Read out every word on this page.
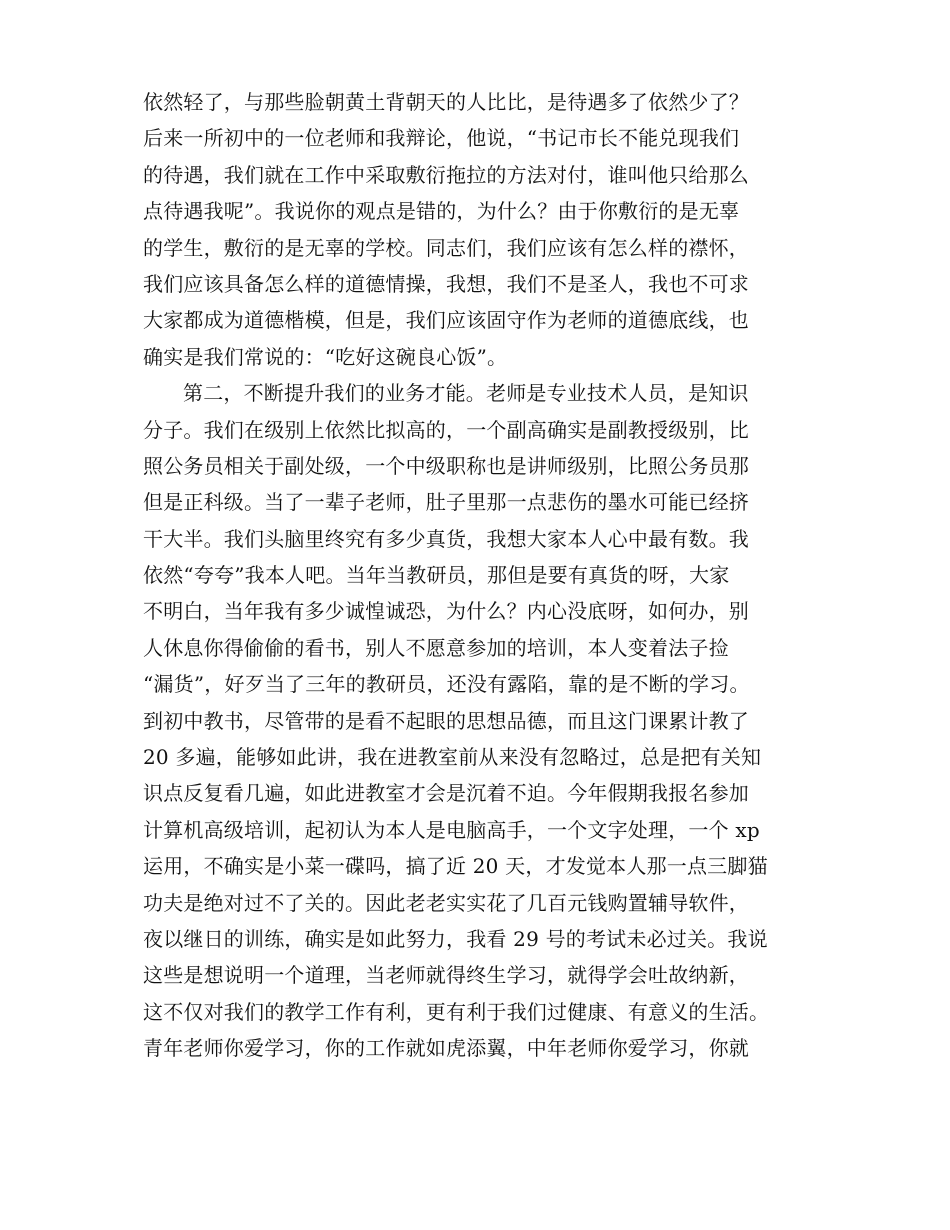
依然轻了，与那些脸朝黄土背朝天的人比比，是待遇多了依然少了？
后来一所初中的一位老师和我辩论，他说，“书记市长不能兑现我们
的待遇，我们就在工作中采取敷衍拖拉的方法对付，谁叫他只给那么
点待遇我呢”。我说你的观点是错的，为什么？由于你敷衍的是无辜
的学生，敷衍的是无辜的学校。同志们，我们应该有怎么样的襟怀，
我们应该具备怎么样的道德情操，我想，我们不是圣人，我也不可求
大家都成为道德楷模，但是，我们应该固守作为老师的道德底线，也
确实是我们常说的：“吃好这碗良心饭”。
第二，不断提升我们的业务才能。老师是专业技术人员，是知识
分子。我们在级别上依然比拟高的，一个副高确实是副教授级别，比
照公务员相关于副处级，一个中级职称也是讲师级别，比照公务员那
但是正科级。当了一辈子老师，肚子里那一点悲伤的墨水可能已经挤
干大半。我们头脑里终究有多少真货，我想大家本人心中最有数。我
依然“夸夸”我本人吧。当年当教研员，那但是要有真货的呀，大家
不明白，当年我有多少诚惶诚恐，为什么？内心没底呀，如何办，别
人休息你得偷偷的看书，别人不愿意参加的培训，本人变着法子捡
“漏货”，好歹当了三年的教研员，还没有露陷，靠的是不断的学习。
到初中教书，尽管带的是看不起眼的思想品德，而且这门课累计教了
20 多遍，能够如此讲，我在进教室前从来没有忽略过，总是把有关知
识点反复看几遍，如此进教室才会是沉着不迫。今年假期我报名参加
计算机高级培训，起初认为本人是电脑高手，一个文字处理，一个 xp
运用，不确实是小菜一碟吗，搞了近 20 天，才发觉本人那一点三脚猫
功夫是绝对过不了关的。因此老老实实花了几百元钱购置辅导软件，
夜以继日的训练，确实是如此努力，我看 29 号的考试未必过关。我说
这些是想说明一个道理，当老师就得终生学习，就得学会吐故纳新，
这不仅对我们的教学工作有利，更有利于我们过健康、有意义的生活。
青年老师你爱学习，你的工作就如虎添翼，中年老师你爱学习，你就
